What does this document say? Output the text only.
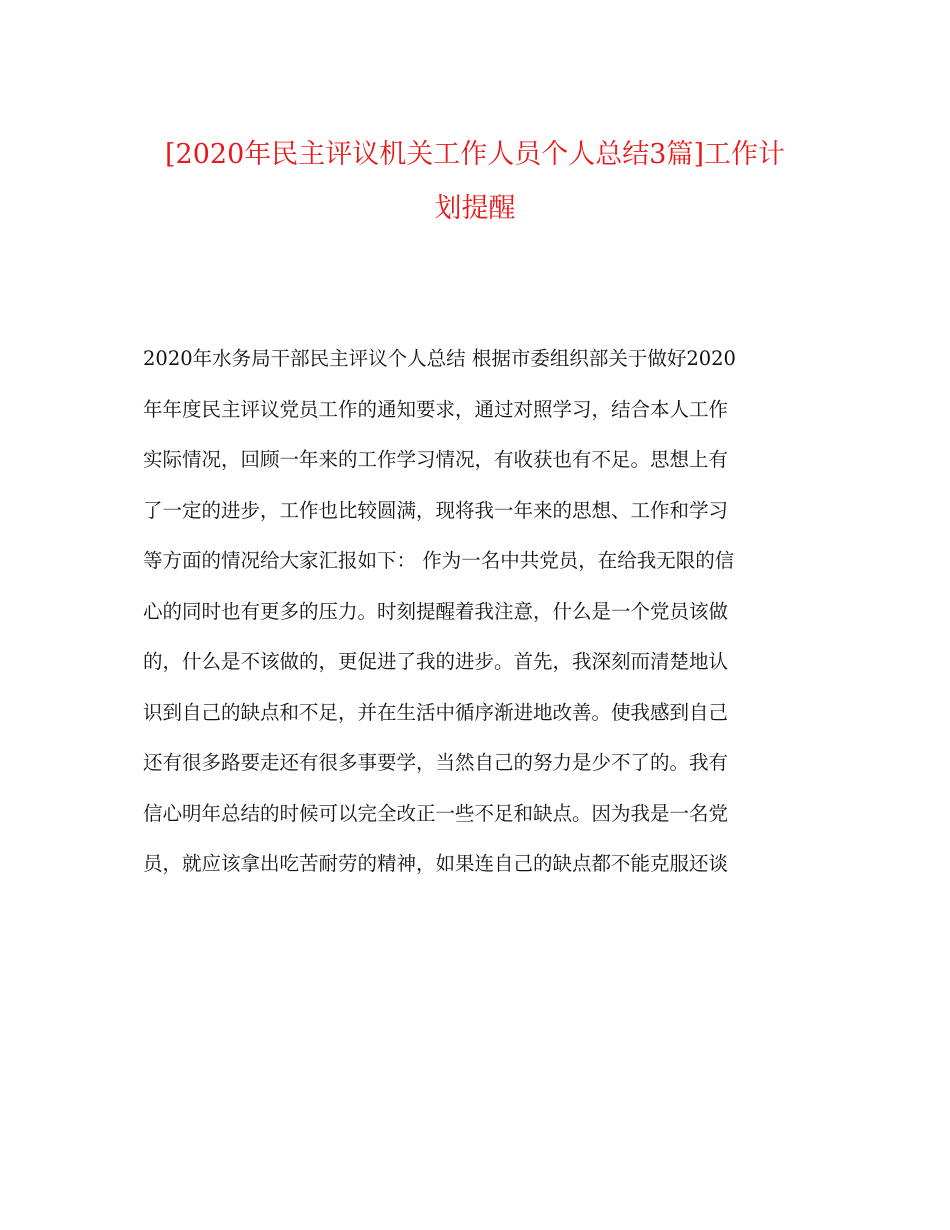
[2020年民主评议机关工作人员个人总结3篇]工作计
划提醒
2020年水务局干部民主评议个人总结 根据市委组织部关于做好2020
年年度民主评议党员工作的通知要求，通过对照学习，结合本人工作
实际情况，回顾一年来的工作学习情况，有收获也有不足。思想上有
了一定的进步，工作也比较圆满，现将我一年来的思想、工作和学习
等方面的情况给大家汇报如下： 作为一名中共党员，在给我无限的信
心的同时也有更多的压力。时刻提醒着我注意，什么是一个党员该做
的，什么是不该做的，更促进了我的进步。首先，我深刻而清楚地认
识到自己的缺点和不足，并在生活中循序渐进地改善。使我感到自己
还有很多路要走还有很多事要学，当然自己的努力是少不了的。我有
信心明年总结的时候可以完全改正一些不足和缺点。因为我是一名党
员，就应该拿出吃苦耐劳的精神，如果连自己的缺点都不能克服还谈
